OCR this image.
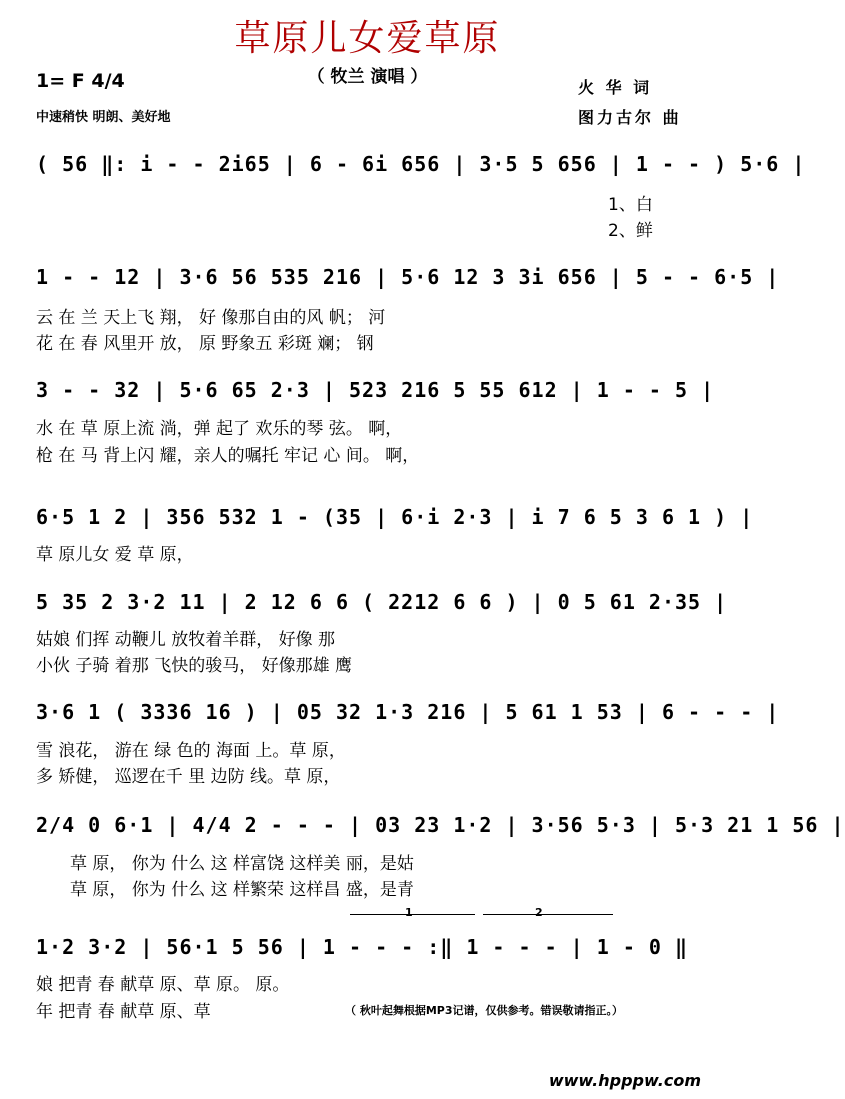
草原儿女爱草原
（ 牧兰 演唱 ）
1= F 4/4
中速稍快 明朗、美好地
火 华 词
图力古尔 曲
( 56 ‖: i - - 2i65 | 6 - 6i 656 | 3·5 5 656 | 1 - - ) 5·6 |
1、白
2、鲜
1 - - 12 | 3·6 56 535 216 | 5·6 12 3 3i 656 | 5 - - 6·5 |
云 在 兰 天上飞 翔， 好 像那自由的风 帆； 河
花 在 春 风里开 放， 原 野象五 彩斑 斓； 钢
3 - - 32 | 5·6 65 2·3 | 523 216 5 55 612 | 1 - - 5 |
水 在 草 原上流 淌，弹 起了 欢乐的琴 弦。 啊，
枪 在 马 背上闪 耀，亲人的嘱托 牢记 心 间。 啊，
6·5 1 2 | 356 532 1 - (35 | 6·i 2·3 | i 7 6 5 3 6 1 ) |
草 原儿女 爱 草 原，
5 35 2 3·2 11 | 2 12 6 6 ( 2212 6 6 ) | 0 5 61 2·35 |
姑娘 们挥 动鞭儿 放牧着羊群， 好像 那
小伙 子骑 着那 飞快的骏马， 好像那雄 鹰
3·6 1 ( 3336 16 ) | 05 32 1·3 216 | 5 61 1 53 | 6 - - - |
雪 浪花， 游在 绿 色的 海面 上。草 原，
多 矫健， 巡逻在千 里 边防 线。草 原，
2/4 0 6·1 | 4/4 2 - - - | 03 23 1·2 | 3·56 5·3 | 5·3 21 1 56 |
草 原， 你为 什么 这 样富饶 这样美 丽，是姑
草 原， 你为 什么 这 样繁荣 这样昌 盛，是青
1	2
1·2 3·2 | 56·1 5 56 | 1 - - - :‖ 1 - - - | 1 - 0 ‖
娘 把青 春 献草 原、草 原。 原。
年 把青 春 献草 原、草	（ 秋叶起舞根据MP3记谱，仅供参考。错误敬请指正。）
www.hpppw.com
